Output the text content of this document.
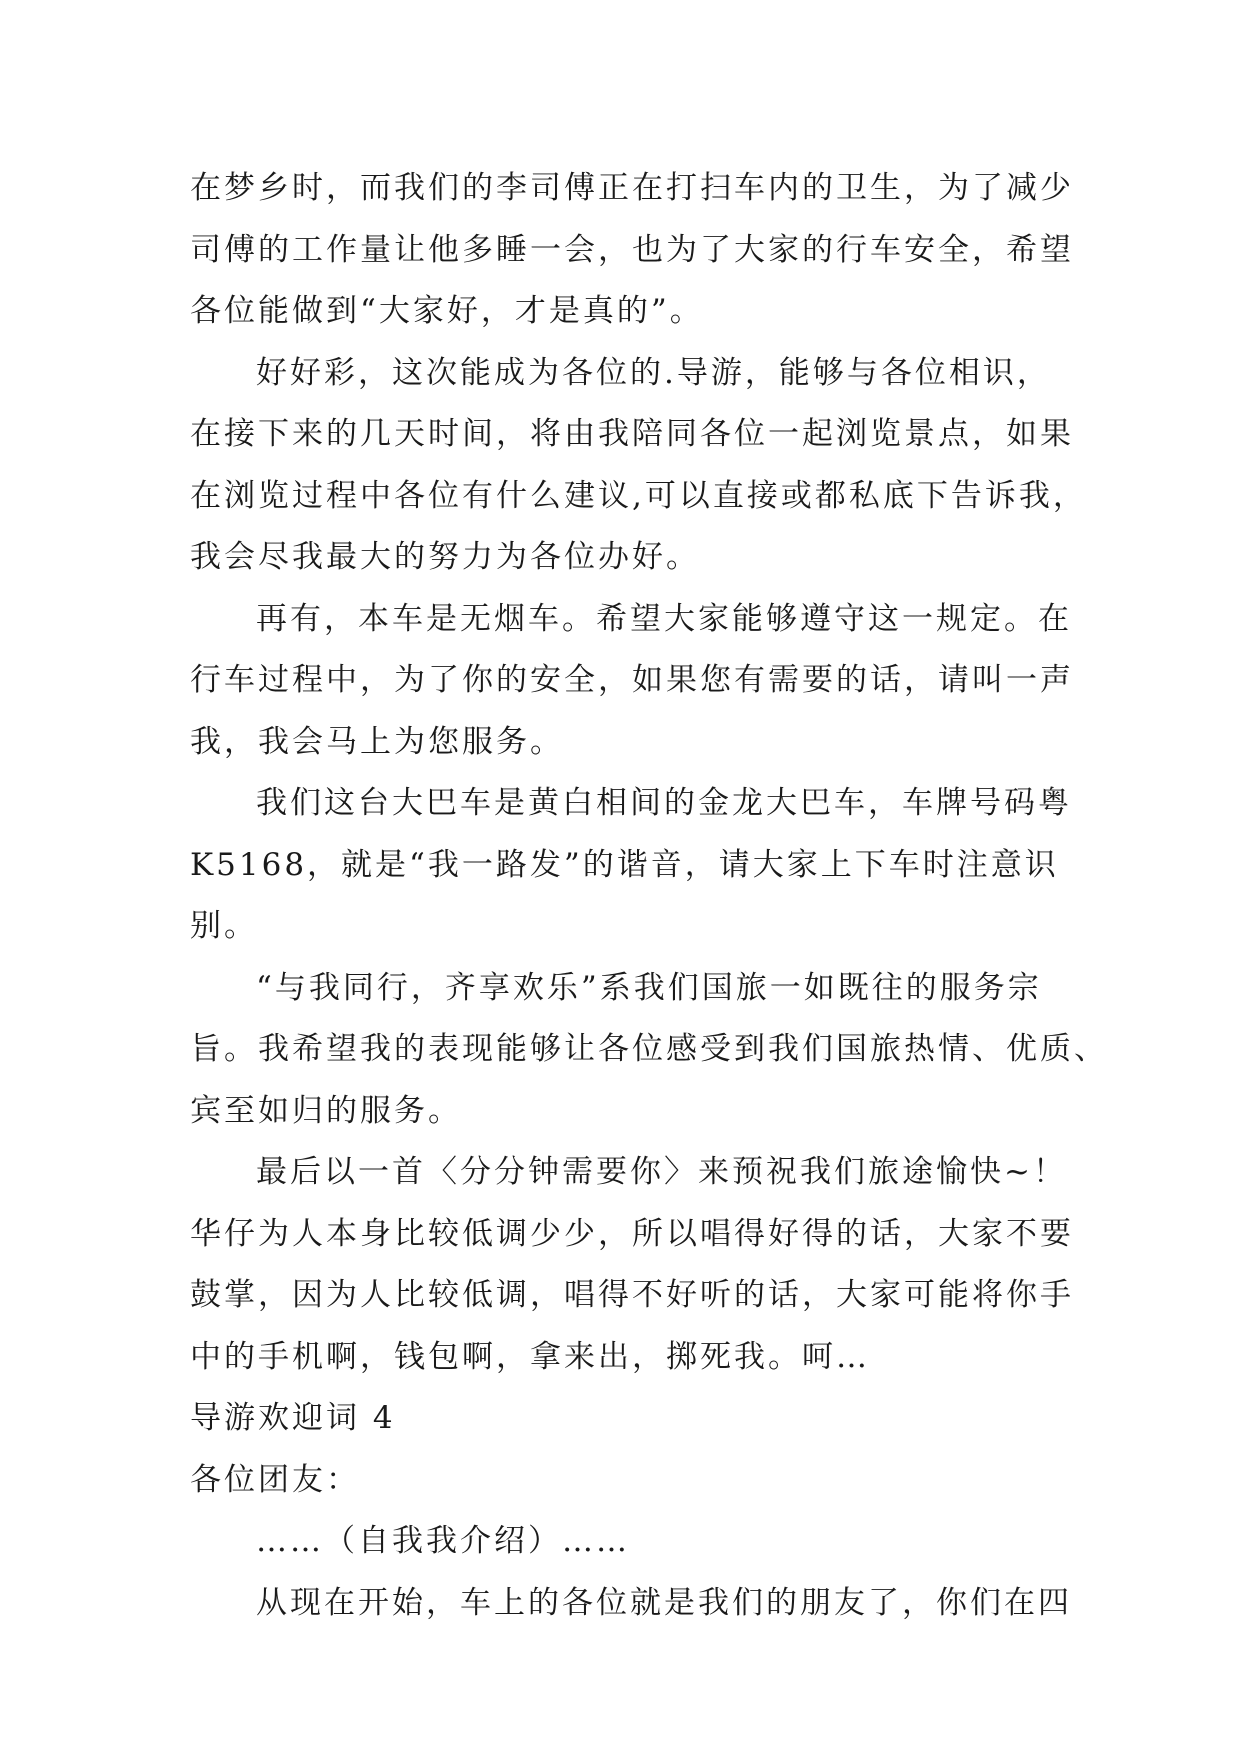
在梦乡时，而我们的李司傅正在打扫车内的卫生，为了减少
司傅的工作量让他多睡一会，也为了大家的行车安全，希望
各位能做到“大家好，才是真的”。
好好彩，这次能成为各位的.导游，能够与各位相识，
在接下来的几天时间，将由我陪同各位一起浏览景点，如果
在浏览过程中各位有什么建议,可以直接或都私底下告诉我，
我会尽我最大的努力为各位办好。
再有，本车是无烟车。希望大家能够遵守这一规定。在
行车过程中，为了你的安全，如果您有需要的话，请叫一声
我，我会马上为您服务。
我们这台大巴车是黄白相间的金龙大巴车，车牌号码粤
K5168，就是“我一路发”的谐音，请大家上下车时注意识
别。
“与我同行，齐享欢乐”系我们国旅一如既往的服务宗
旨。我希望我的表现能够让各位感受到我们国旅热情、优质、
宾至如归的服务。
最后以一首〈分分钟需要你〉来预祝我们旅途愉快~！
华仔为人本身比较低调少少，所以唱得好得的话，大家不要
鼓掌，因为人比较低调，唱得不好听的话，大家可能将你手
中的手机啊，钱包啊，拿来出，掷死我。呵…
导游欢迎词 4
各位团友：
……（自我我介绍）……
从现在开始，车上的各位就是我们的朋友了，你们在四
